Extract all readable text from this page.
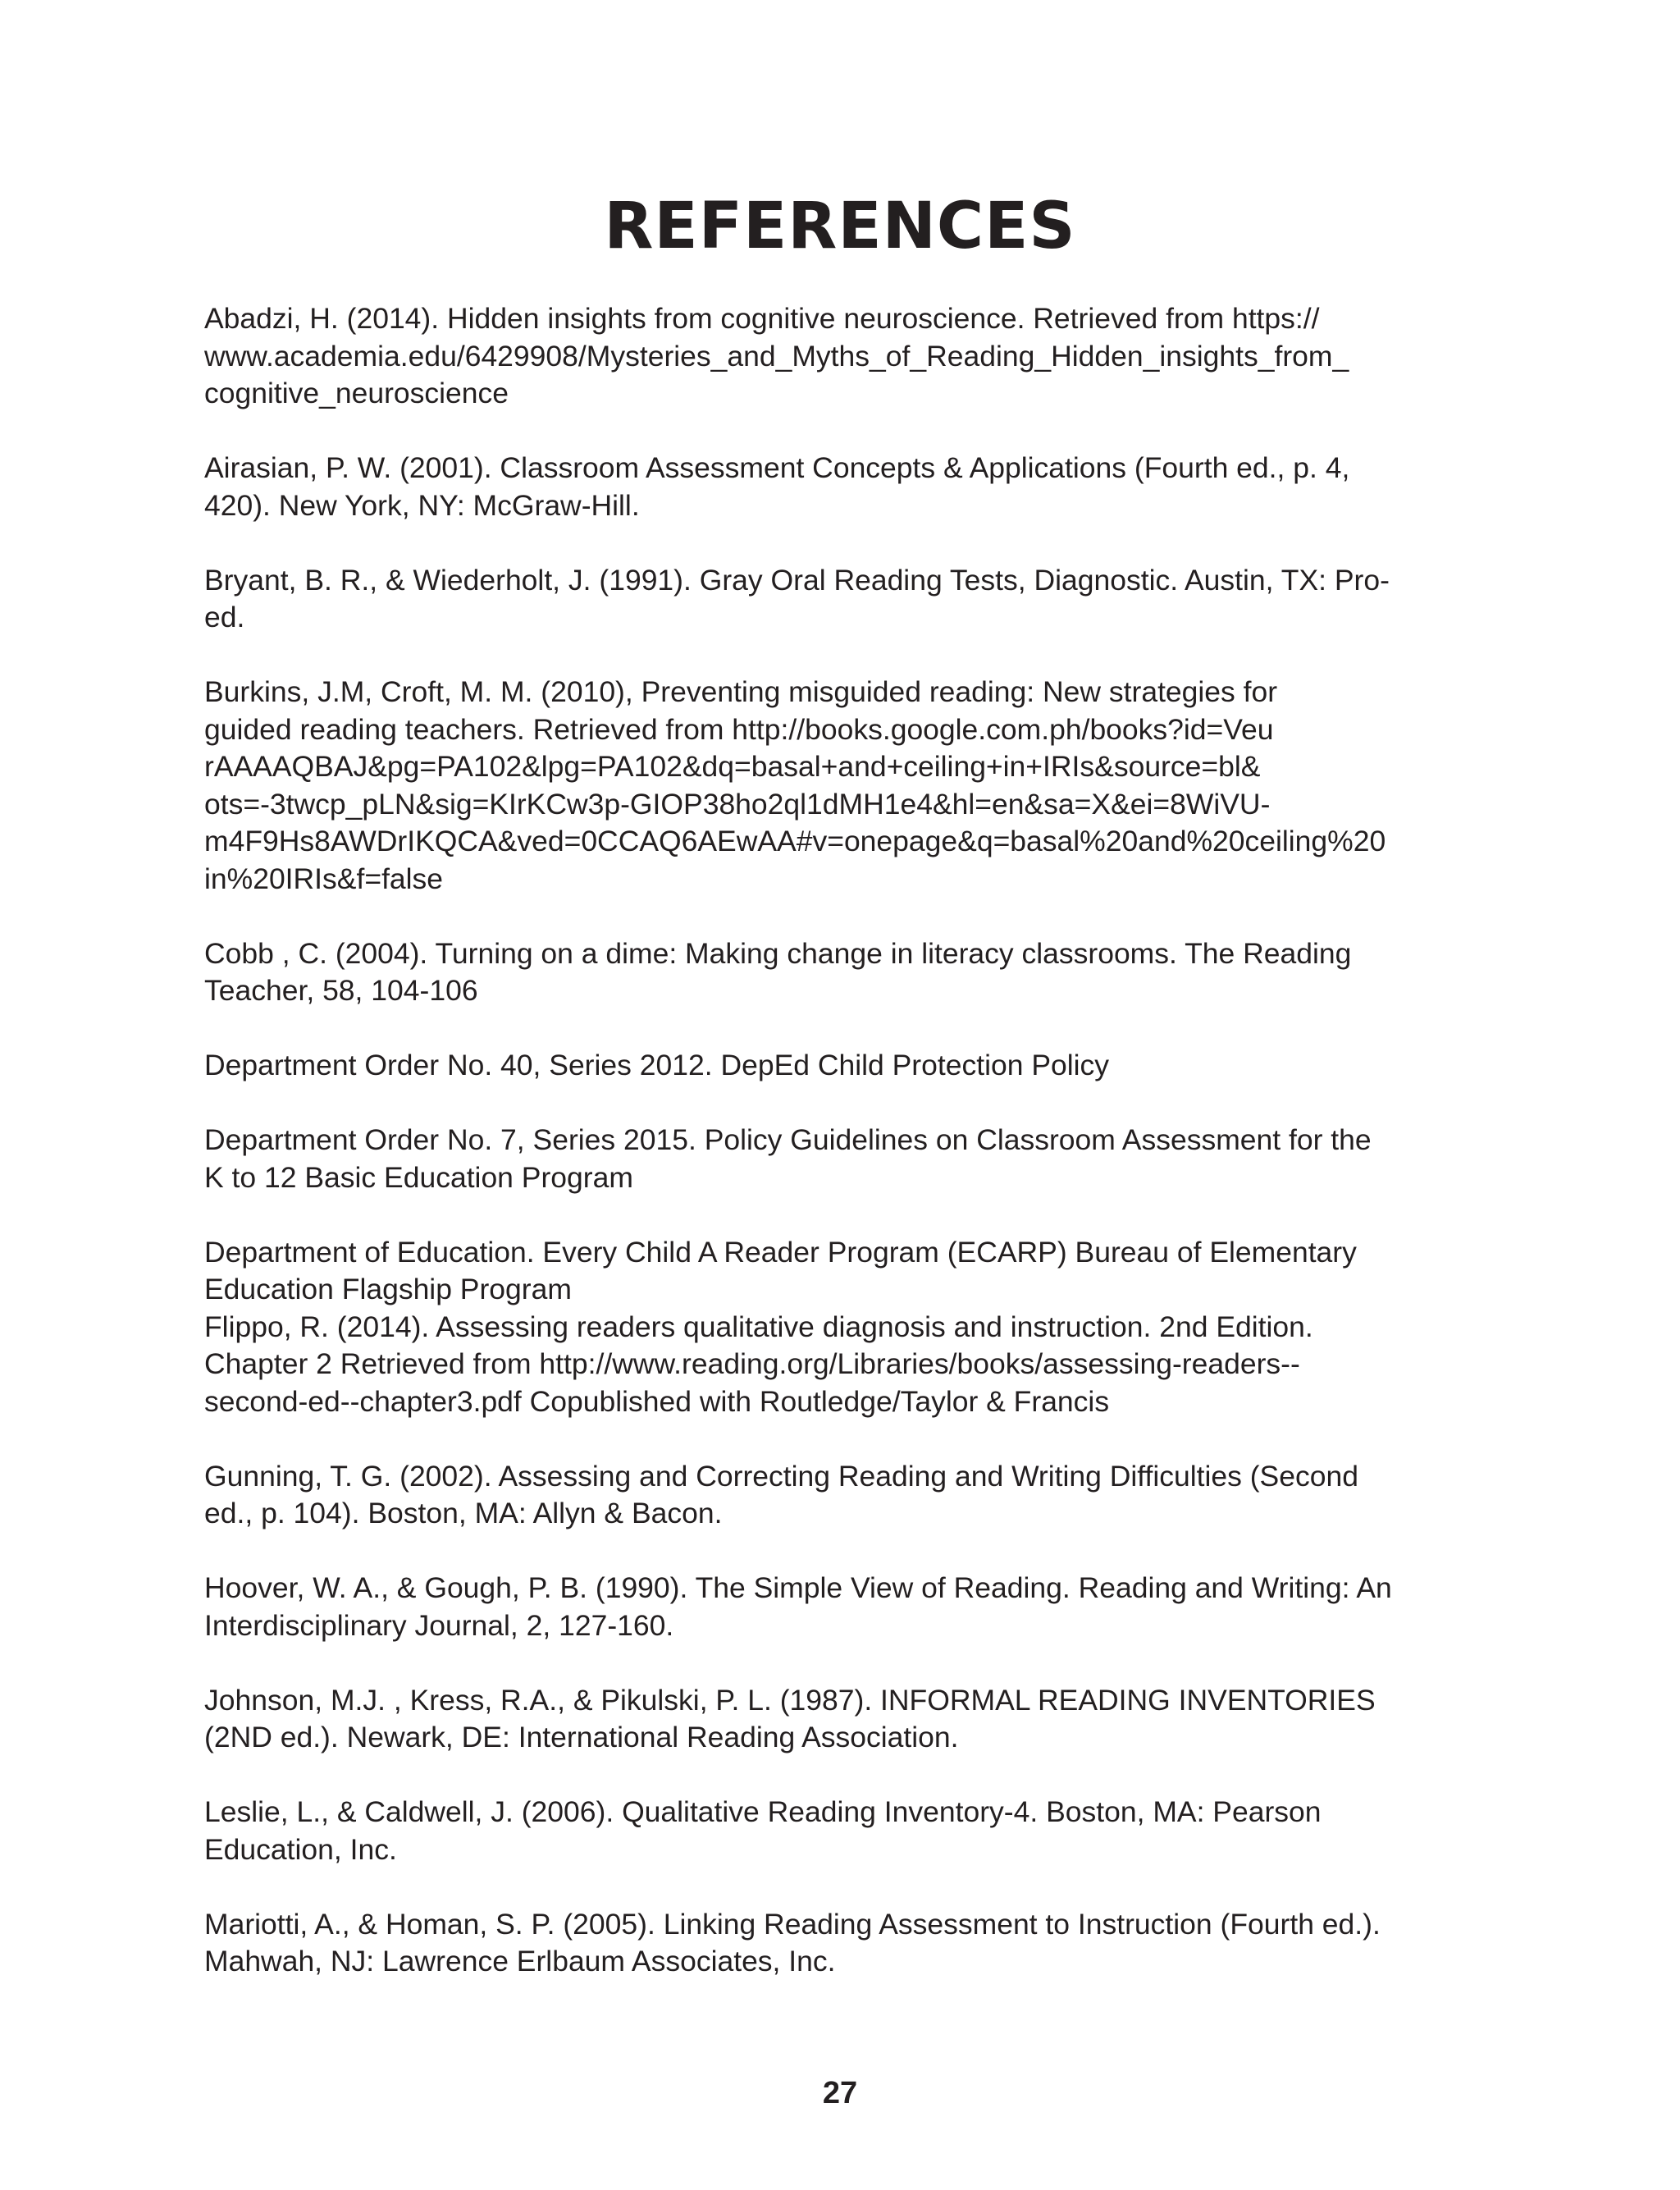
REFERENCES
Abadzi, H. (2014). Hidden insights from cognitive neuroscience. Retrieved from https://
www.academia.edu/6429908/Mysteries_and_Myths_of_Reading_Hidden_insights_from_
cognitive_neuroscience
Airasian, P. W. (2001). Classroom Assessment Concepts & Applications (Fourth ed., p. 4,
420). New York, NY: McGraw-Hill.
Bryant, B. R., & Wiederholt, J. (1991). Gray Oral Reading Tests, Diagnostic. Austin, TX: Pro-
ed.
Burkins, J.M, Croft, M. M. (2010), Preventing misguided reading: New strategies for
guided reading teachers. Retrieved from http://books.google.com.ph/books?id=Veu
rAAAAQBAJ&pg=PA102&lpg=PA102&dq=basal+and+ceiling+in+IRIs&source=bl&
ots=-3twcp_pLN&sig=KIrKCw3p-GIOP38ho2ql1dMH1e4&hl=en&sa=X&ei=8WiVU-
m4F9Hs8AWDrIKQCA&ved=0CCAQ6AEwAA#v=onepage&q=basal%20and%20ceiling%20
in%20IRIs&f=false
Cobb , C. (2004). Turning on a dime: Making change in literacy classrooms. The Reading
Teacher, 58, 104-106
Department Order No. 40, Series 2012. DepEd Child Protection Policy
Department Order No. 7, Series 2015. Policy Guidelines on Classroom Assessment for the
K to 12 Basic Education Program
Department of Education. Every Child A Reader Program (ECARP) Bureau of Elementary
Education Flagship Program
Flippo, R. (2014). Assessing readers qualitative diagnosis and instruction. 2nd Edition.
Chapter 2 Retrieved from http://www.reading.org/Libraries/books/assessing-readers--
second-ed--chapter3.pdf Copublished with Routledge/Taylor & Francis
Gunning, T. G. (2002). Assessing and Correcting Reading and Writing Difficulties (Second
ed., p. 104). Boston, MA: Allyn & Bacon.
Hoover, W. A., & Gough, P. B. (1990). The Simple View of Reading. Reading and Writing: An
Interdisciplinary Journal, 2, 127-160.
Johnson, M.J. , Kress, R.A., & Pikulski, P. L. (1987). INFORMAL READING INVENTORIES
(2ND ed.). Newark, DE: International Reading Association.
Leslie, L., & Caldwell, J. (2006). Qualitative Reading Inventory-4. Boston, MA: Pearson
Education, Inc.
Mariotti, A., & Homan, S. P. (2005). Linking Reading Assessment to Instruction (Fourth ed.).
Mahwah, NJ: Lawrence Erlbaum Associates, Inc.
27
